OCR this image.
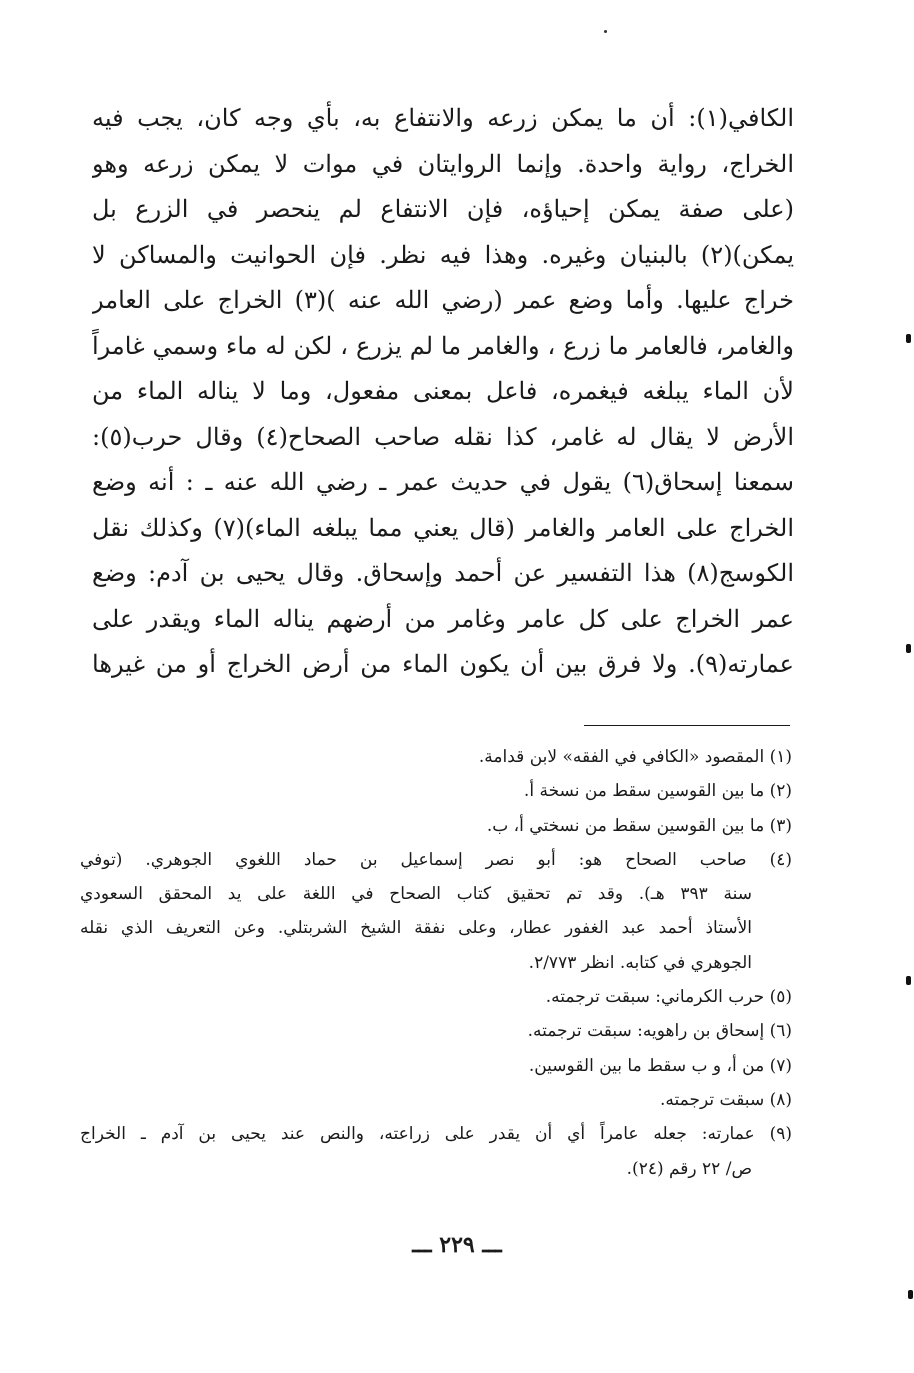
الكافي(١): أن ما يمكن زرعه والانتفاع به، بأي وجه كان، يجب فيه
الخراج، رواية واحدة. وإنما الروايتان في موات لا يمكن زرعه وهو
(على صفة يمكن إحياؤه، فإن الانتفاع لم ينحصر في الزرع بل
يمكن)(٢) بالبنيان وغيره. وهذا فيه نظر. فإن الحوانيت والمساكن لا
خراج عليها. وأما وضع عمر (رضي الله عنه )(٣) الخراج على العامر
والغامر، فالعامر ما زرع ، والغامر ما لم يزرع ، لكن له ماء وسمي غامراً
لأن الماء يبلغه فيغمره، فاعل بمعنى مفعول، وما لا يناله الماء من
الأرض لا يقال له غامر، كذا نقله صاحب الصحاح(٤) وقال حرب(٥):
سمعنا إسحاق(٦) يقول في حديث عمر ـ رضي الله عنه ـ : أنه وضع
الخراج على العامر والغامر (قال يعني مما يبلغه الماء)(٧) وكذلك نقل
الكوسج(٨) هذا التفسير عن أحمد وإسحاق. وقال يحيى بن آدم: وضع
عمر الخراج على كل عامر وغامر من أرضهم يناله الماء ويقدر على
عمارته(٩). ولا فرق بين أن يكون الماء من أرض الخراج أو من غيرها
(١) المقصود «الكافي في الفقه» لابن قدامة.
(٢) ما بين القوسين سقط من نسخة أ.
(٣) ما بين القوسين سقط من نسختي أ، ب.
(٤) صاحب الصحاح هو: أبو نصر إسماعيل بن حماد اللغوي الجوهري. (توفي
سنة ٣٩٣ هـ). وقد تم تحقيق كتاب الصحاح في اللغة على يد المحقق السعودي
الأستاذ أحمد عبد الغفور عطار، وعلى نفقة الشيخ الشربتلي. وعن التعريف الذي نقله
الجوهري في كتابه. انظر ٢/٧٧٣.
(٥) حرب الكرماني: سبقت ترجمته.
(٦) إسحاق بن راهويه: سبقت ترجمته.
(٧) من أ، و ب سقط ما بين القوسين.
(٨) سبقت ترجمته.
(٩) عمارته: جعله عامراً أي أن يقدر على زراعته، والنص عند يحيى بن آدم ـ الخراج
ص/ ٢٢ رقم (٢٤).
ـــ ٢٢٩ ـــ
